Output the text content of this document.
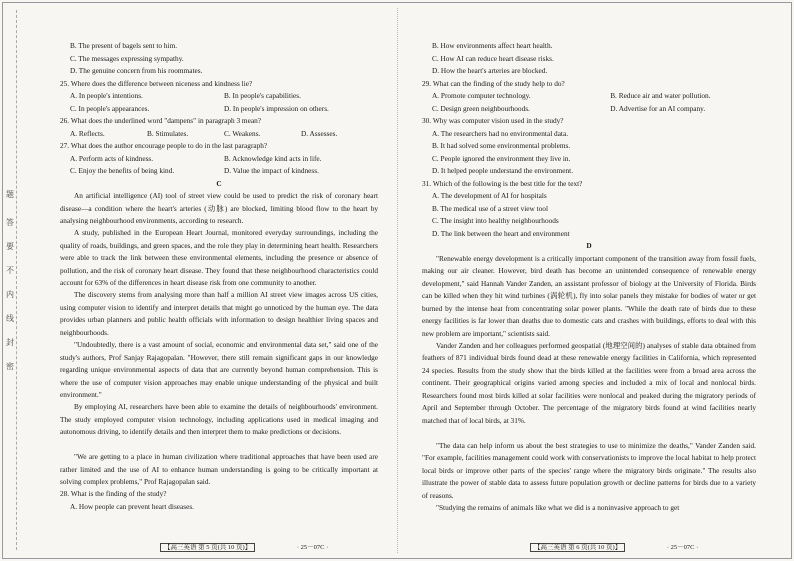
题
答
要
不
内
线
封
密
B. The present of bagels sent to him.
C. The messages expressing sympathy.
D. The genuine concern from his roommates.
25. Where does the difference between niceness and kindness lie?
A. In people's intentions.	B. In people's capabilities.
C. In people's appearances.	D. In people's impression on others.
26. What does the underlined word "dampens" in paragraph 3 mean?
A. Reflects.	B. Stimulates.	C. Weakens.	D. Assesses.
27. What does the author encourage people to do in the last paragraph?
A. Perform acts of kindness.	B. Acknowledge kind acts in life.
C. Enjoy the benefits of being kind.	D. Value the impact of kindness.
C
An artificial intelligence (AI) tool of street view could be used to predict the risk of coronary heart disease—a condition where the heart's arteries (动脉) are blocked, limiting blood flow to the heart by analysing neighbourhood environments, according to research.
A study, published in the European Heart Journal, monitored everyday surroundings, including the quality of roads, buildings, and green spaces, and the role they play in determining heart health. Researchers were able to track the link between these environmental elements, including the presence or absence of pollution, and the risk of coronary heart disease. They found that these neighbourhood characteristics could account for 63% of the differences in heart disease risk from one community to another.
The discovery stems from analysing more than half a million AI street view images across US cities, using computer vision to identify and interpret details that might go unnoticed by the human eye. The data provides urban planners and public health officials with information to design healthier living spaces and neighbourhoods.
"Undoubtedly, there is a vast amount of social, economic and environmental data set," said one of the study's authors, Prof Sanjay Rajagopalan. "However, there still remain significant gaps in our knowledge regarding unique environmental aspects of data that are currently beyond human comprehension. This is where the use of computer vision approaches may enable unique understanding of the physical and built environment."
By employing AI, researchers have been able to examine the details of neighbourhoods' environment. The study employed computer vision technology, including applications used in medical imaging and autonomous driving, to identify details and then interpret them to make predictions or decisions.
"We are getting to a place in human civilization where traditional approaches that have been used are rather limited and the use of AI to enhance human understanding is going to be critically important at solving complex problems," Prof Rajagopalan said.
28. What is the finding of the study?
A. How people can prevent heart diseases.
【高三英语 第 5 页(共 10 页)】	· 25－07C ·
B. How environments affect heart health.
C. How AI can reduce heart disease risks.
D. How the heart's arteries are blocked.
29. What can the finding of the study help to do?
A. Promote computer technology.	B. Reduce air and water pollution.
C. Design green neighbourhoods.	D. Advertise for an AI company.
30. Why was computer vision used in the study?
A. The researchers had no environmental data.
B. It had solved some environmental problems.
C. People ignored the environment they live in.
D. It helped people understand the environment.
31. Which of the following is the best title for the text?
A. The development of AI for hospitals
B. The medical use of a street view tool
C. The insight into healthy neighbourhoods
D. The link between the heart and environment
D
"Renewable energy development is a critically important component of the transition away from fossil fuels, making our air cleaner. However, bird death has become an unintended consequence of renewable energy development," said Hannah Vander Zanden, an assistant professor of biology at the University of Florida. Birds can be killed when they hit wind turbines (涡轮机), fly into solar panels they mistake for bodies of water or get burned by the intense heat from concentrating solar power plants. "While the death rate of birds due to these energy facilities is far lower than deaths due to domestic cats and crashes with buildings, efforts to deal with this new problem are important," scientists said.
Vander Zanden and her colleagues performed geospatial (地理空间的) analyses of stable data obtained from feathers of 871 individual birds found dead at these renewable energy facilities in California, which represented 24 species. Results from the study show that the birds killed at the facilities were from a broad area across the continent. Their geographical origins varied among species and included a mix of local and nonlocal birds. Researchers found most birds killed at solar facilities were nonlocal and peaked during the migratory periods of April and September through October. The percentage of the migratory birds found at wind facilities nearly matched that of local birds, at 31%.
"The data can help inform us about the best strategies to use to minimize the deaths," Vander Zanden said. "For example, facilities management could work with conservationists to improve the local habitat to help protect local birds or improve other parts of the species' range where the migratory birds originate." The results also illustrate the power of stable data to assess future population growth or decline patterns for birds due to a variety of reasons.
"Studying the remains of animals like what we did is a noninvasive approach to get
【高三英语 第 6 页(共 10 页)】	· 25－07C ·
